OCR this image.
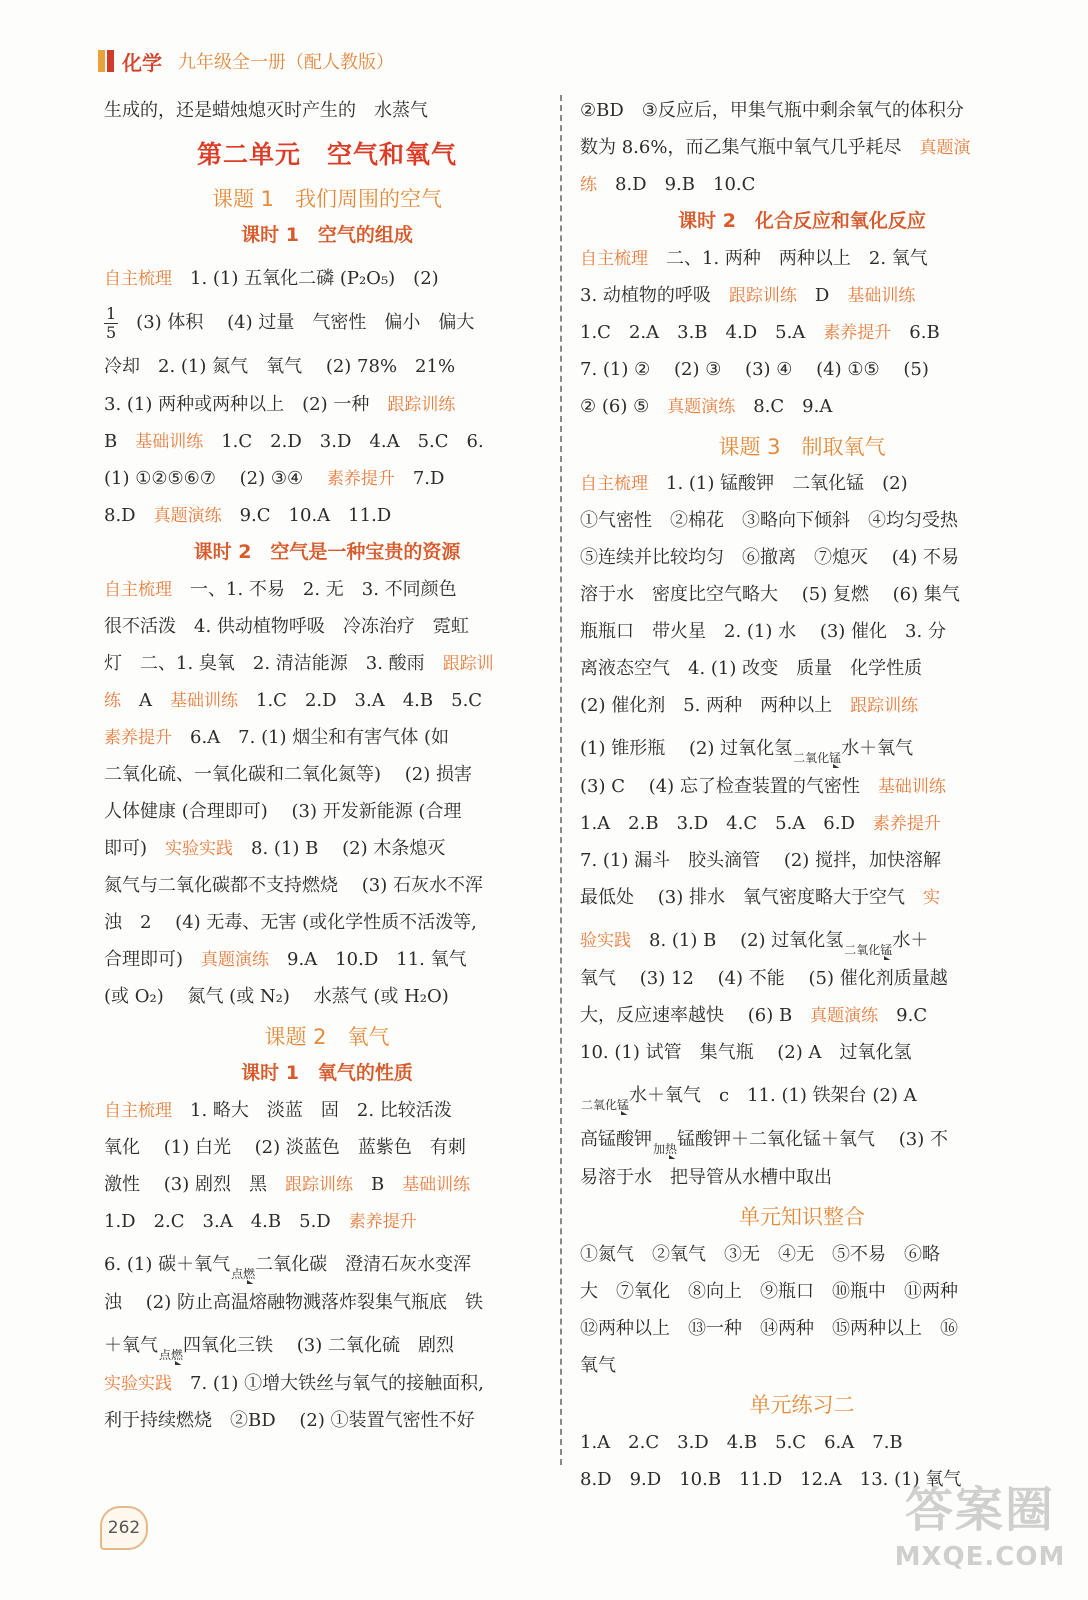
化学 九年级全一册（配人教版）
生成的，还是蜡烛熄灭时产生的　水蒸气
第二单元　空气和氧气
课题 1　我们周围的空气
课时 1　空气的组成
自主梳理　1. (1) 五氧化二磷 (P₂O₅)　(2)
$\frac{1}{5}$ 　(3) 体积　 (4) 过量　气密性　偏小　偏大
冷却　2. (1) 氮气　氧气　 (2) 78%　21%
3. (1) 两种或两种以上　(2) 一种　跟踪训练
B　基础训练　1.C　2.D　3.D　4.A　5.C　6.
(1) ①②⑤⑥⑦　 (2) ③④　 素养提升　7.D
8.D　真题演练　9.C　10.A　11.D
课时 2　空气是一种宝贵的资源
自主梳理　一、1. 不易　2. 无　3. 不同颜色
很不活泼　4. 供动植物呼吸　冷冻治疗　霓虹
灯　二、1. 臭氧　2. 清洁能源　3. 酸雨　跟踪训
练　A　基础训练　1.C　2.D　3.A　4.B　5.C
素养提升　6.A　7. (1) 烟尘和有害气体 (如
二氧化硫、一氧化碳和二氧化氮等)　 (2) 损害
人体健康 (合理即可)　 (3) 开发新能源 (合理
即可)　实验实践　8. (1) B　 (2) 木条熄灭
氮气与二氧化碳都不支持燃烧　 (3) 石灰水不浑
浊　2　 (4) 无毒、无害 (或化学性质不活泼等,
合理即可)　真题演练　9.A　10.D　11. 氧气
(或 O₂)　 氮气 (或 N₂)　 水蒸气 (或 H₂O)
课题 2　氧气
课时 1　氧气的性质
自主梳理　1. 略大　淡蓝　固　2. 比较活泼
氧化　 (1) 白光　 (2) 淡蓝色　蓝紫色　有刺
激性　 (3) 剧烈　黑　跟踪训练　B　基础训练
1.D　2.C　3.A　4.B　5.D　素养提升
6. (1) 碳＋氧气 点燃 二氧化碳　澄清石灰水变浑
浊　 (2) 防止高温熔融物溅落炸裂集气瓶底　铁
＋氧气 点燃 四氧化三铁　 (3) 二氧化硫　剧烈
实验实践　7. (1) ①增大铁丝与氧气的接触面积,
利于持续燃烧　②BD　 (2) ①装置气密性不好
②BD　③反应后，甲集气瓶中剩余氧气的体积分
数为 8.6%，而乙集气瓶中氧气几乎耗尽　真题演
练　8.D　9.B　10.C
课时 2　化合反应和氧化反应
自主梳理　二、1. 两种　两种以上　2. 氧气
3. 动植物的呼吸　跟踪训练　D　基础训练
1.C　2.A　3.B　4.D　5.A　素养提升　6.B
7. (1) ②　 (2) ③　 (3) ④　 (4) ①⑤　 (5)
② (6) ⑤　真题演练　8.C　9.A
课题 3　制取氧气
自主梳理　1. (1) 锰酸钾　二氧化锰　(2)
①气密性　②棉花　③略向下倾斜　④均匀受热
⑤连续并比较均匀　⑥撤离　⑦熄灭　 (4) 不易
溶于水　密度比空气略大　 (5) 复燃　 (6) 集气
瓶瓶口　带火星　2. (1) 水　 (3) 催化　3. 分
离液态空气　4. (1) 改变　质量　化学性质
(2) 催化剂　5. 两种　两种以上　跟踪训练
(1) 锥形瓶　 (2) 过氧化氢 二氧化锰 水＋氧气
(3) C　 (4) 忘了检查装置的气密性　基础训练
1.A　2.B　3.D　4.C　5.A　6.D　素养提升
7. (1) 漏斗　胶头滴管　 (2) 搅拌，加快溶解
最低处　 (3) 排水　氧气密度略大于空气　实
验实践　8. (1) B　 (2) 过氧化氢 二氧化锰 水＋
氧气　 (3) 12　 (4) 不能　 (5) 催化剂质量越
大，反应速率越快　 (6) B　真题演练　9.C
10. (1) 试管　集气瓶　 (2) A　过氧化氢
二氧化锰 水＋氧气　c　11. (1) 铁架台 (2) A
高锰酸钾 加热 锰酸钾＋二氧化锰＋氧气　 (3) 不
易溶于水　把导管从水槽中取出
单元知识整合
①氮气　②氧气　③无　④无　⑤不易　⑥略
大　⑦氧化　⑧向上　⑨瓶口　⑩瓶中　⑪两种
⑫两种以上　⑬一种　⑭两种　⑮两种以上　⑯
氧气
单元练习二
1.A　2.C　3.D　4.B　5.C　6.A　7.B
8.D　9.D　10.B　11.D　12.A　13. (1) 氧气
262	答案圈
MXQE.COM
